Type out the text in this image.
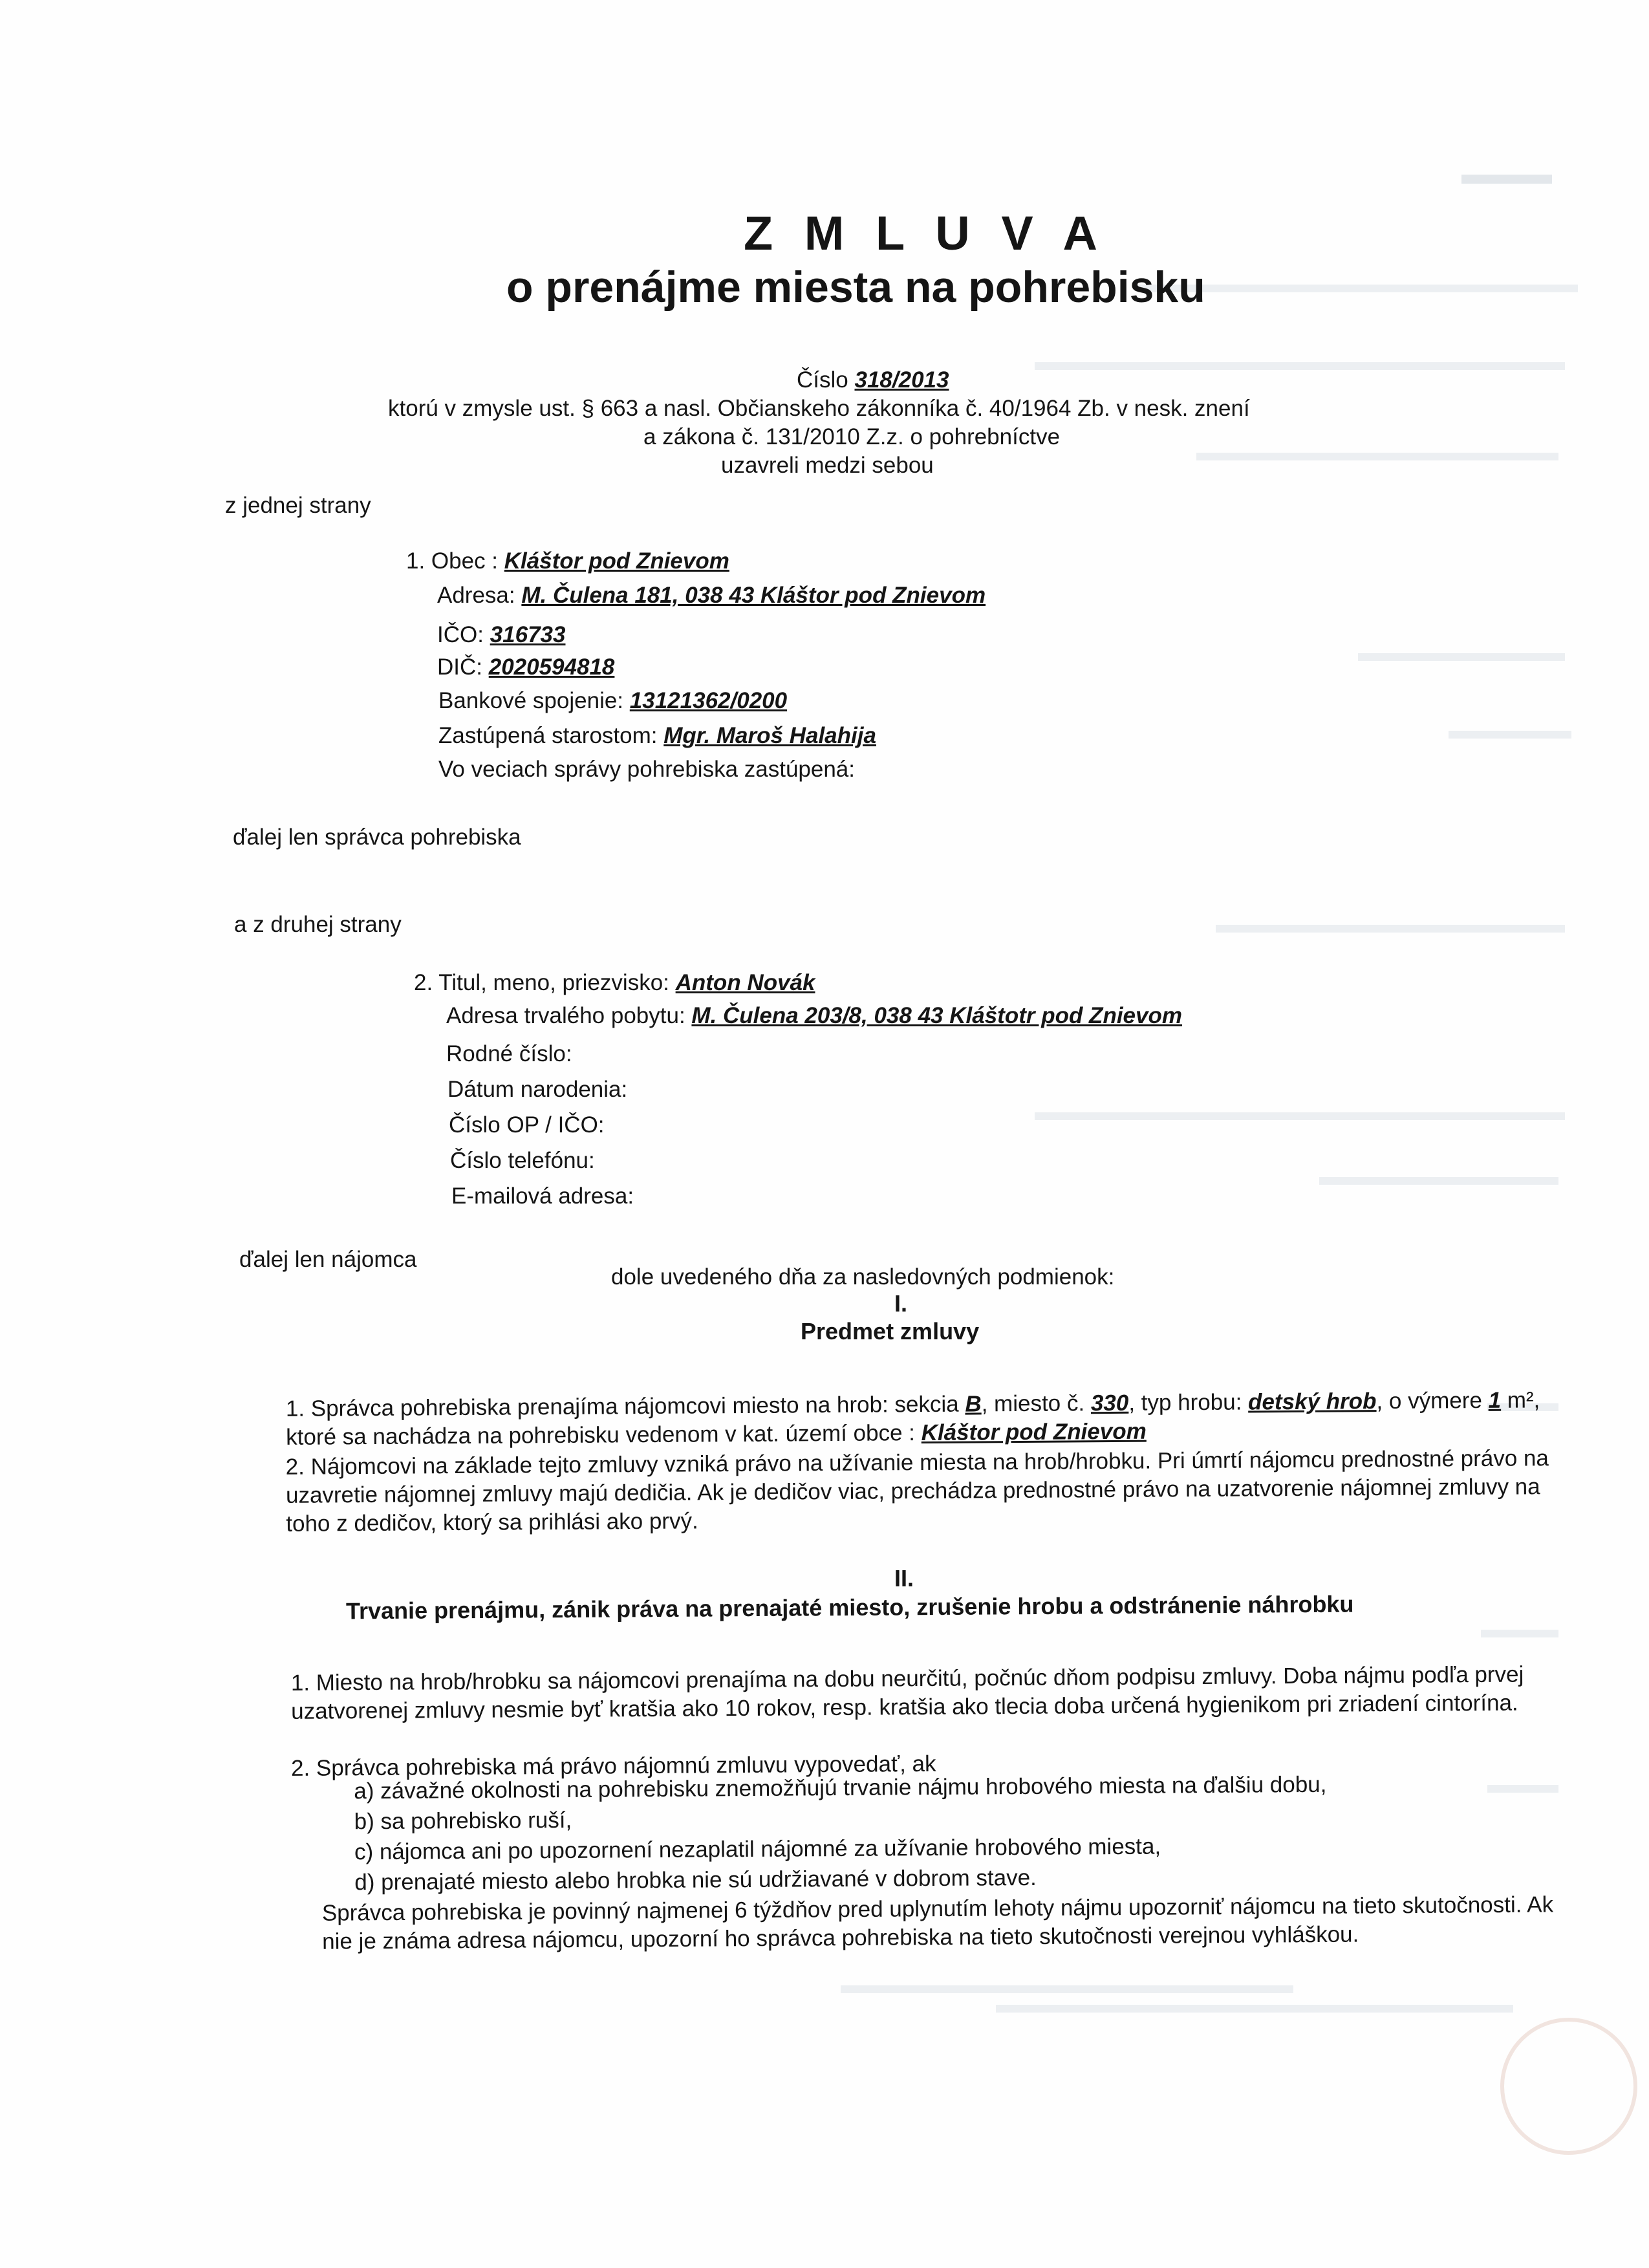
Z M L U V A
o prenájme miesta na pohrebisku
Číslo 318/2013
ktorú v zmysle ust. § 663 a nasl. Občianskeho zákonníka č. 40/1964 Zb. v nesk. znení
a zákona č. 131/2010 Z.z. o pohrebníctve
uzavreli medzi sebou
z jednej strany
1. Obec : Kláštor pod Znievom
Adresa: M. Čulena 181, 038 43 Kláštor pod Znievom
IČO: 316733
DIČ: 2020594818
Bankové spojenie: 13121362/0200
Zastúpená starostom: Mgr. Maroš Halahija
Vo veciach správy pohrebiska zastúpená:
ďalej len správca pohrebiska
a z druhej strany
2. Titul, meno, priezvisko: Anton Novák
Adresa trvalého pobytu: M. Čulena 203/8, 038 43 Kláštotr pod Znievom
Rodné číslo:
Dátum narodenia:
Číslo OP / IČO:
Číslo telefónu:
E-mailová adresa:
ďalej len nájomca
dole uvedeného dňa za nasledovných podmienok:
I.
Predmet zmluvy
1. Správca pohrebiska prenajíma nájomcovi miesto na hrob: sekcia B, miesto č. 330, typ hrobu: detský hrob, o výmere 1 m², ktoré sa nachádza na pohrebisku vedenom v kat. území obce : Kláštor pod Znievom
2. Nájomcovi na základe tejto zmluvy vzniká právo na užívanie miesta na hrob/hrobku. Pri úmrtí nájomcu prednostné právo na uzavretie nájomnej zmluvy majú dedičia. Ak je dedičov viac, prechádza prednostné právo na uzatvorenie nájomnej zmluvy na toho z dedičov, ktorý sa prihlási ako prvý.
II.
Trvanie prenájmu, zánik práva na prenajaté miesto, zrušenie hrobu a odstránenie náhrobku
1. Miesto na hrob/hrobku sa nájomcovi prenajíma na dobu neurčitú, počnúc dňom podpisu zmluvy. Doba nájmu podľa prvej uzatvorenej zmluvy nesmie byť kratšia ako 10 rokov, resp. kratšia ako tlecia doba určená hygienikom pri zriadení cintorína.
2. Správca pohrebiska má právo nájomnú zmluvu vypovedať, ak
a) závažné okolnosti na pohrebisku znemožňujú trvanie nájmu hrobového miesta na ďalšiu dobu,
b) sa pohrebisko ruší,
c) nájomca ani po upozornení nezaplatil nájomné za užívanie hrobového miesta,
d) prenajaté miesto alebo hrobka nie sú udržiavané v dobrom stave.
Správca pohrebiska je povinný najmenej 6 týždňov pred uplynutím lehoty nájmu upozorniť nájomcu na tieto skutočnosti. Ak nie je známa adresa nájomcu, upozorní ho správca pohrebiska na tieto skutočnosti verejnou vyhláškou.
